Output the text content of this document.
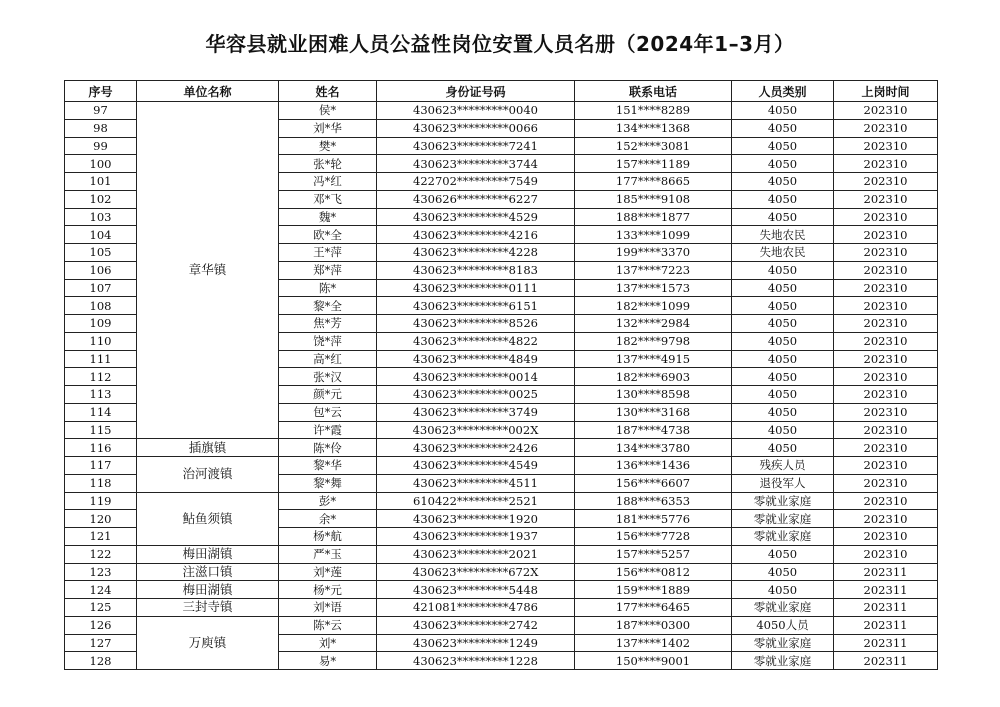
华容县就业困难人员公益性岗位安置人员名册（2024年1–3月）
序号	单位名称	姓名	身份证号码	联系电话	人员类别	上岗时间
97	章华镇	侯*	430623*********0040	151****8289	4050	202310
98		刘*华	430623*********0066	134****1368	4050	202310
99		樊*	430623*********7241	152****3081	4050	202310
100		张*轮	430623*********3744	157****1189	4050	202310
101		冯*红	422702*********7549	177****8665	4050	202310
102		邓*飞	430626*********6227	185****9108	4050	202310
103		魏*	430623*********4529	188****1877	4050	202310
104		欧*全	430623*********4216	133****1099	失地农民	202310
105		王*萍	430623*********4228	199****3370	失地农民	202310
106		郑*萍	430623*********8183	137****7223	4050	202310
107		陈*	430623*********0111	137****1573	4050	202310
108		黎*全	430623*********6151	182****1099	4050	202310
109		焦*芳	430623*********8526	132****2984	4050	202310
110		饶*萍	430623*********4822	182****9798	4050	202310
111		高*红	430623*********4849	137****4915	4050	202310
112		张*汉	430623*********0014	182****6903	4050	202310
113		颜*元	430623*********0025	130****8598	4050	202310
114		包*云	430623*********3749	130****3168	4050	202310
115		许*霞	430623*********002X	187****4738	4050	202310
116	插旗镇	陈*伶	430623*********2426	134****3780	4050	202310
117	治河渡镇	黎*华	430623*********4549	136****1436	残疾人员	202310
118		黎*舞	430623*********4511	156****6607	退役军人	202310
119	鲇鱼须镇	彭*	610422*********2521	188****6353	零就业家庭	202310
120		余*	430623*********1920	181****5776	零就业家庭	202310
121		杨*航	430623*********1937	156****7728	零就业家庭	202310
122	梅田湖镇	严*玉	430623*********2021	157****5257	4050	202310
123	注滋口镇	刘*莲	430623*********672X	156****0812	4050	202311
124	梅田湖镇	杨*元	430623*********5448	159****1889	4050	202311
125	三封寺镇	刘*语	421081*********4786	177****6465	零就业家庭	202311
126	万庾镇	陈*云	430623*********2742	187****0300	4050人员	202311
127		刘*	430623*********1249	137****1402	零就业家庭	202311
128		易*	430623*********1228	150****9001	零就业家庭	202311
